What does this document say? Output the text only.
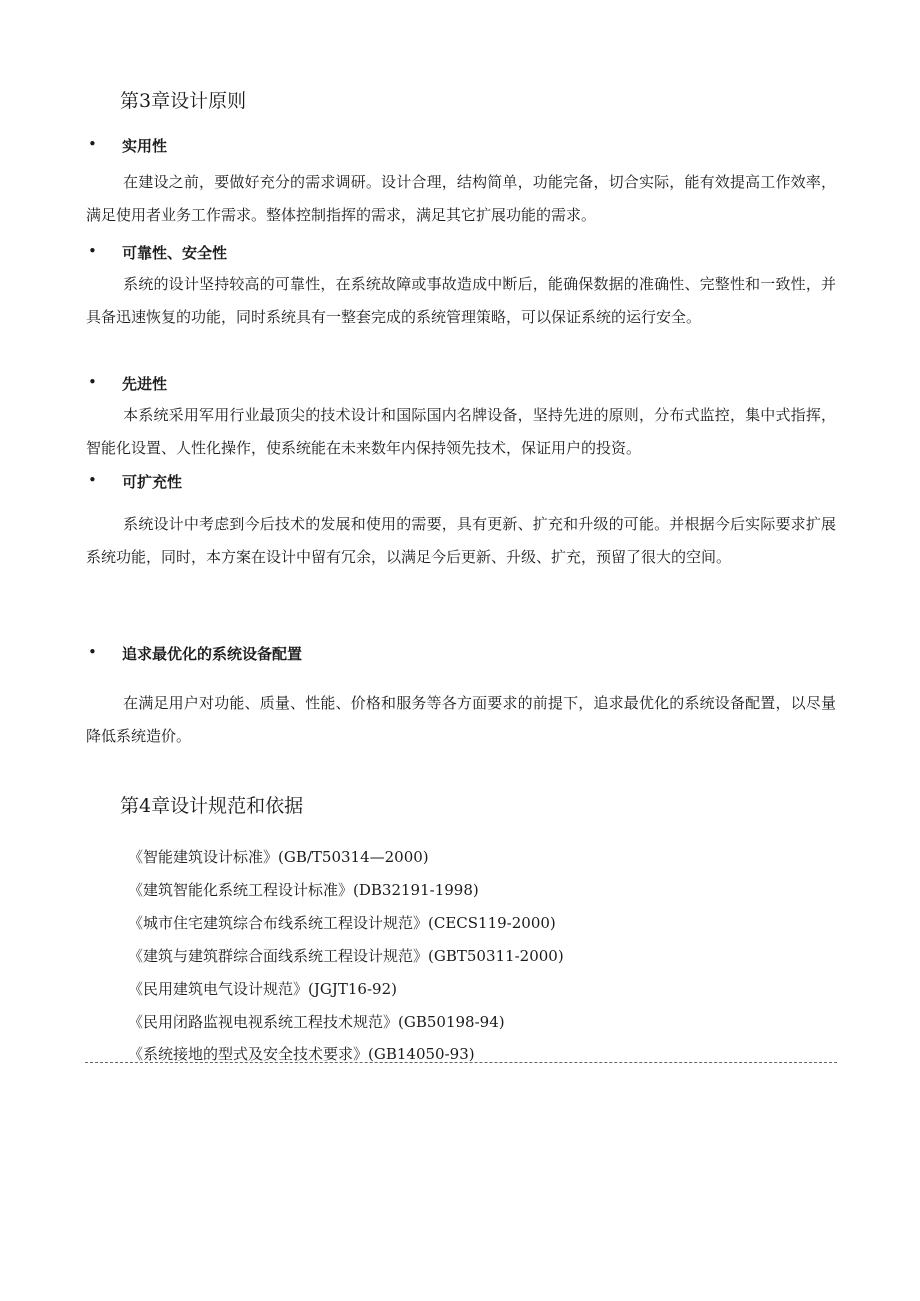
第3章设计原则
• 实用性
在建设之前，要做好充分的需求调研。设计合理，结构简单，功能完备，切合实际，能有效提高工作效率，满足使用者业务工作需求。整体控制指挥的需求，满足其它扩展功能的需求。
• 可靠性、安全性
系统的设计坚持较高的可靠性，在系统故障或事故造成中断后，能确保数据的准确性、完整性和一致性，并具备迅速恢复的功能，同时系统具有一整套完成的系统管理策略，可以保证系统的运行安全。
• 先进性
本系统采用军用行业最顶尖的技术设计和国际国内名牌设备，坚持先进的原则，分布式监控，集中式指挥，智能化设置、人性化操作，使系统能在未来数年内保持领先技术，保证用户的投资。
• 可扩充性
系统设计中考虑到今后技术的发展和使用的需要，具有更新、扩充和升级的可能。并根据今后实际要求扩展系统功能，同时，本方案在设计中留有冗余，以满足今后更新、升级、扩充，预留了很大的空间。
• 追求最优化的系统设备配置
在满足用户对功能、质量、性能、价格和服务等各方面要求的前提下，追求最优化的系统设备配置，以尽量降低系统造价。
第4章设计规范和依据
《智能建筑设计标准》(GB/T50314—2000)
《建筑智能化系统工程设计标准》(DB32191-1998)
《城市住宅建筑综合布线系统工程设计规范》(CECS119-2000)
《建筑与建筑群综合面线系统工程设计规范》(GBT50311-2000)
《民用建筑电气设计规范》(JGJT16-92)
《民用闭路监视电视系统工程技术规范》(GB50198-94)
《系统接地的型式及安全技术要求》(GB14050-93)
